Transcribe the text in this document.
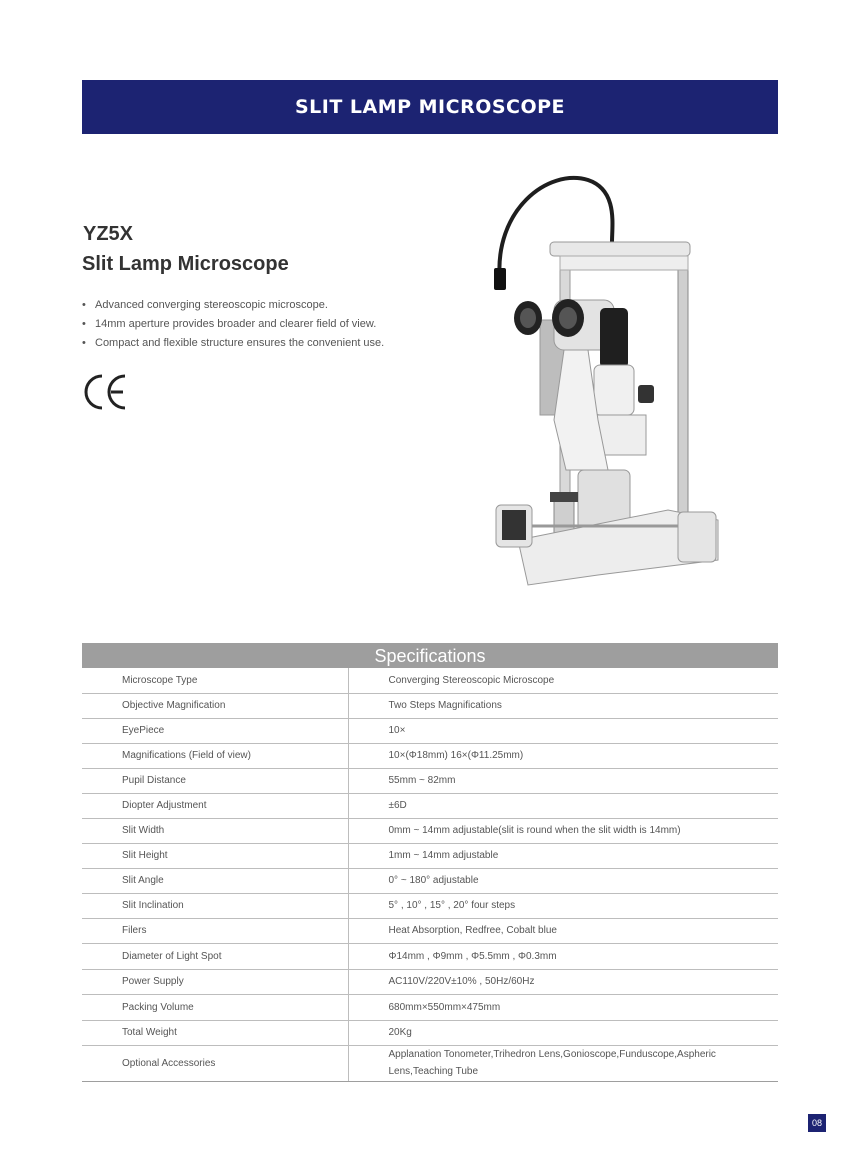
SLIT LAMP MICROSCOPE
YZ5X
Slit Lamp Microscope
• Advanced converging stereoscopic microscope.
• 14mm aperture provides broader and clearer field of view.
• Compact and flexible structure ensures the convenient use.
Specifications
Microscope Type	Converging Stereoscopic Microscope
Objective Magnification	Two Steps Magnifications
EyePiece	10×
Magnifications (Field of view)	10×(Φ18mm) 16×(Φ11.25mm)
Pupil Distance	55mm ~ 82mm
Diopter Adjustment	±6D
Slit Width	0mm ~ 14mm adjustable(slit is round when the slit width is 14mm)
Slit Height	1mm ~ 14mm adjustable
Slit Angle	0° ~ 180° adjustable
Slit Inclination	5° , 10° , 15° , 20° four steps
Filers	Heat Absorption, Redfree, Cobalt blue
Diameter of Light Spot	Φ14mm , Φ9mm , Φ5.5mm , Φ0.3mm
Power Supply	AC110V/220V±10% , 50Hz/60Hz
Packing Volume	680mm×550mm×475mm
Total Weight	20Kg
Optional Accessories	Applanation Tonometer,Trihedron Lens,Gonioscope,Funduscope,Aspheric Lens,Teaching Tube
08
